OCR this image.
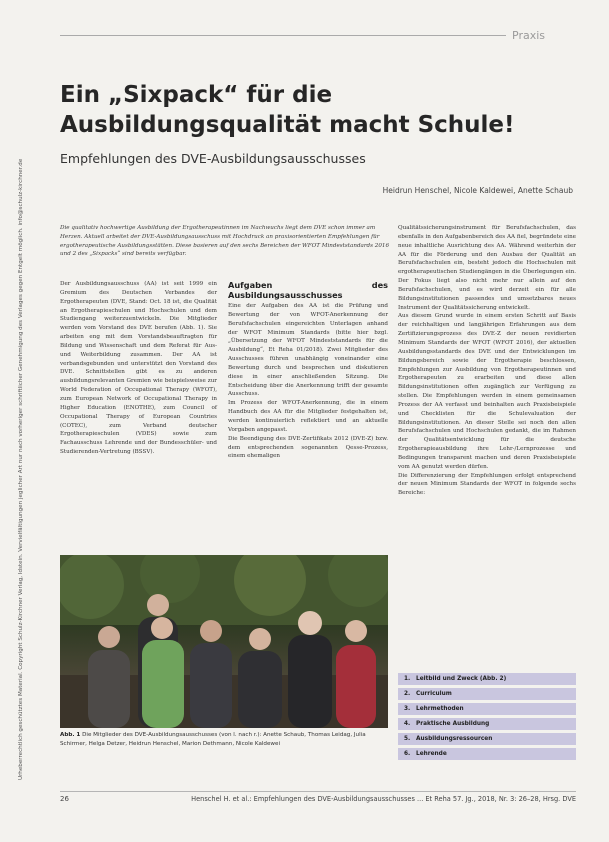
Urheberrechtlich geschütztes Material. Copyright Schulz-Kirchner Verlag, Idstein. Vervielfältigungen jeglicher Art nur nach vorheriger schriftlicher Genehmigung des Verlages gegen Entgelt möglich. info@schulz-kirchner.de
Praxis
Ein „Sixpack“ für die Ausbildungsqualität macht Schule!
Empfehlungen des DVE-Ausbildungsausschusses
Heidrun Henschel, Nicole Kaldewei, Anette Schaub
Die qualitativ hochwertige Ausbildung der Ergotherapeutinnen im Nachwuchs liegt dem DVE schon immer am Herzen. Aktuell arbeitet der DVE-Ausbildungsausschuss mit Hochdruck an praxisorientierten Empfehlungen für ergotherapeutische Ausbildungsstätten. Diese basieren auf den sechs Bereichen der WFOT Mindeststandards 2016 und 2 des „Sixpacks“ sind bereits verfügbar.

Der Ausbildungsausschuss (AA) ist seit 1999 ein Gremium des Deutschen Verbandes der Ergotherapeuten (DVE, Stand: Oct. 18 ist, die Qualität an Ergotherapieschulen und Hochschulen und dem Studiengang weiterzuentwickeln. Die Mitglieder werden vom Vorstand des DVE berufen (Abb. 1). Sie arbeiten eng mit dem Vorstandsbeauftragten für Bildung und Wissenschaft und dem Referat für Aus- und Weiterbildung zusammen. Der AA ist verbandsgebunden und unterstützt den Vorstand des DVE. Schnittstellen gibt es zu anderen ausbildungsrelevanten Gremien wie beispielsweise zur World Federation of Occupational Therapy (WFOT), zum European Network of Occupational Therapy in Higher Education (ENOTHE), zum Council of Occupational Therapy of European Countries (COTEC), zum Verband deutscher Ergotherapieschulen (VDES) sowie zum Fachausschuss Lehrende und der Bundesschüler- und Studierenden-Vertretung (BSSV).

Aufgaben des Ausbildungsausschusses

Eine der Aufgaben des AA ist die Prüfung und Bewertung der von WFOT-Anerkennung der Berufsfachschulen eingereichten Unterlagen anhand der WFOT Minimum Standards (bitte hier bzgl. „Übersetzung der WFOT Mindeststandards für die Ausbildung“, Et Reha 01/2018). Zwei Mitglieder des Ausschusses führen unabhängig voneinander eine Bewertung durch und besprechen und diskutieren diese in einer anschließenden Sitzung. Die Entscheidung über die Anerkennung trifft der gesamte Ausschuss.

Im Prozess der WFOT-Anerkennung, die in einem Handbuch des AA für die Mitglieder festgehalten ist, werden kontinuierlich reflektiert und an aktuelle Vorgaben angepasst.

Die Beendigung des DVE-Zertifikats 2012 (DVE-Z) bzw. dem entsprechenden sogenannten Qesse-Prozess, einem ehemaligen

Qualitätssicherungsinstrument für Berufsfachschulen, das ebenfalls in den Aufgabenbereich des AA fiel, begründete eine neue inhaltliche Ausrichtung des AA. Während weiterhin der AA für die Förderung und den Ausbau der Qualität an Berufsfachschulen ein, besteht jedoch die Hochschulen mit ergotherapeutischen Studiengängen in die Überlegungen ein. Der Fokus liegt also nicht mehr nur allein auf den Berufsfachschulen, und es wird derzeit ein für alle Bildungsinstitutionen passendes und umsetzbares neues Instrument der Qualitätssicherung entwickelt.

Aus diesem Grund wurde in einem ersten Schritt auf Basis der reichhaltigen und langjährigen Erfahrungen aus dem Zertifizierungsprozess des DVE-Z der neuen revidierten Minimum Standards der WFOT (WFOT 2016), der aktuellen Ausbildungsstandards des DVE und der Entwicklungen im Bildungsbereich sowie der Ergotherapie beschlossen, Empfehlungen zur Ausbildung von Ergotherapeutinnen und Ergotherapeuten zu erarbeiten und diese allen Bildungsinstitutionen offen zugänglich zur Verfügung zu stellen. Die Empfehlungen werden in einem gemeinsamen Prozess der AA verfasst und beinhalten auch Praxisbeispiele und Checklisten für die Schulevaluation der Bildungsinstitutionen. An dieser Stelle sei noch den allen Berufsfachschulen und Hochschulen gedankt, die im Rahmen der Qualitätsentwicklung für die deutsche Ergotherapieausbildung ihre Lehr-/Lernprozesse und Bedingungen transparent machen und deren Praxisbeispiele vom AA genutzt werden dürfen.

Die Differenzierung der Empfehlungen erfolgt entsprechend der neuen Minimum Standards der WFOT in folgende sechs Bereiche:

Abb. 1 Die Mitglieder des DVE-Ausbildungsausschusses (von l. nach r.): Anette Schaub, Thomas Leidag, Julia Schirmer, Helga Detzer, Heidrun Henschel, Marion Dethmann, Nicole Kaldewei
1. Leitbild und Zweck (Abb. 2)
2. Curriculum
3. Lehrmethoden
4. Praktische Ausbildung
5. Ausbildungsressourcen
6. Lehrende
26	Henschel H. et al.: Empfehlungen des DVE-Ausbildungsausschusses ... Et Reha 57. Jg., 2018, Nr. 3: 26–28, Hrsg. DVE
